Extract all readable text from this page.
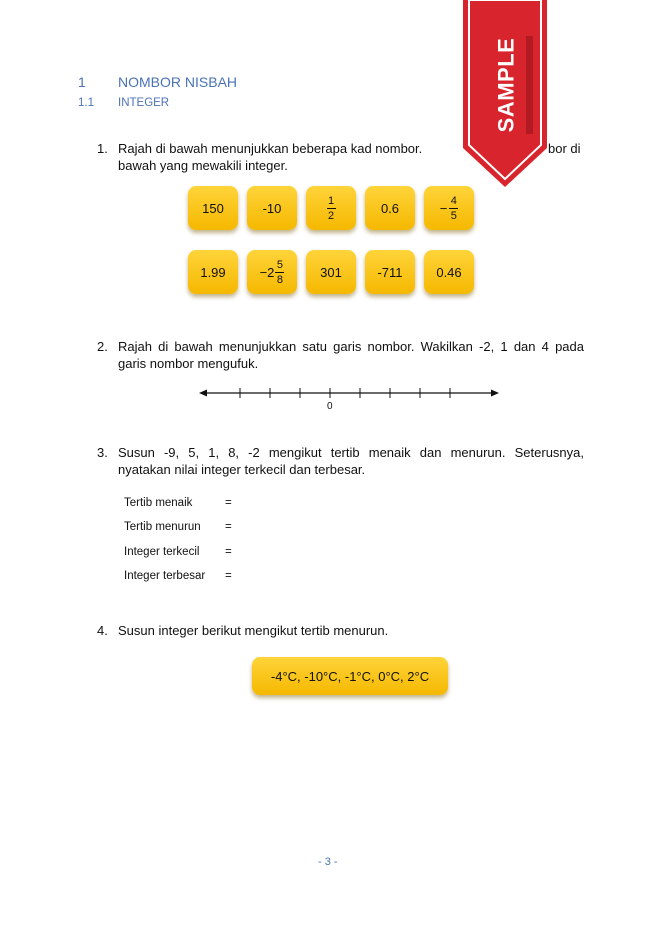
1 NOMBOR NISBAH
1.1 INTEGER
1. Rajah di bawah menunjukkan beberapa kad nombor.	bor di
bawah yang mewakili integer.
150	-10	$\frac{1}{2}$	0.6	− $\frac{4}{5}$
1.99	$-2 \frac{5}{8}$	301	-711	0.46
2. Rajah di bawah menunjukkan satu garis nombor. Wakilkan -2, 1 dan 4 pada
garis nombor mengufuk.
0
3. Susun -9, 5, 1, 8, -2 mengikut tertib menaik dan menurun. Seterusnya,
nyatakan nilai integer terkecil dan terbesar.
Tertib menaik	=
Tertib menurun =
Integer terkecil =
Integer terbesar =
4. Susun integer berikut mengikut tertib menurun.
-4°C, -10°C, -1°C, 0°C, 2°C
- 3 -
SAMPLE
